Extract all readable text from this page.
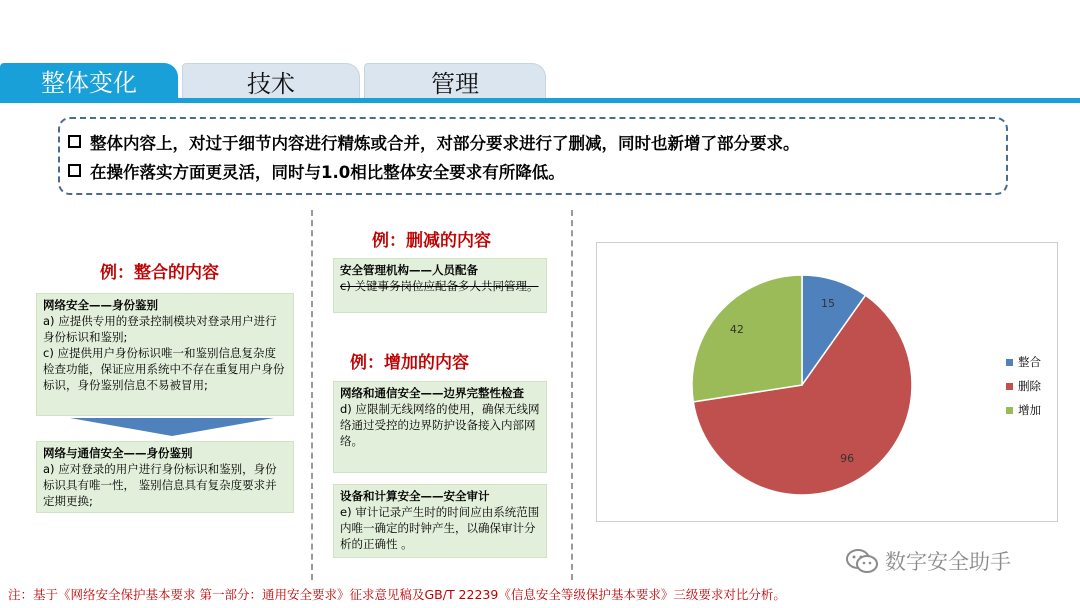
整体变化	技术	管理
整体内容上，对过于细节内容进行精炼或合并，对部分要求进行了删减，同时也新增了部分要求。
在操作落实方面更灵活，同时与1.0相比整体安全要求有所降低。
例：整合的内容
网络安全——身份鉴别
a) 应提供专用的登录控制模块对登录用户进行身份标识和鉴别;
c) 应提供用户身份标识唯一和鉴别信息复杂度检查功能，保证应用系统中不存在重复用户身份标识，身份鉴别信息不易被冒用;
网络与通信安全——身份鉴别
a) 应对登录的用户进行身份标识和鉴别，身份标识具有唯一性， 鉴别信息具有复杂度要求并定期更换;
例：删减的内容
安全管理机构——人员配备
c) 关键事务岗位应配备多人共同管理。
例：增加的内容
网络和通信安全——边界完整性检查
d) 应限制无线网络的使用，确保无线网络通过受控的边界防护设备接入内部网络。
设备和计算安全——安全审计
e) 审计记录产生时的时间应由系统范围内唯一确定的时钟产生，以确保审计分析的正确性 。
15
96
42
整合
删除
增加
数字安全助手
注：基于《网络安全保护基本要求 第一部分：通用安全要求》征求意见稿及GB/T 22239《信息安全等级保护基本要求》三级要求对比分析。
